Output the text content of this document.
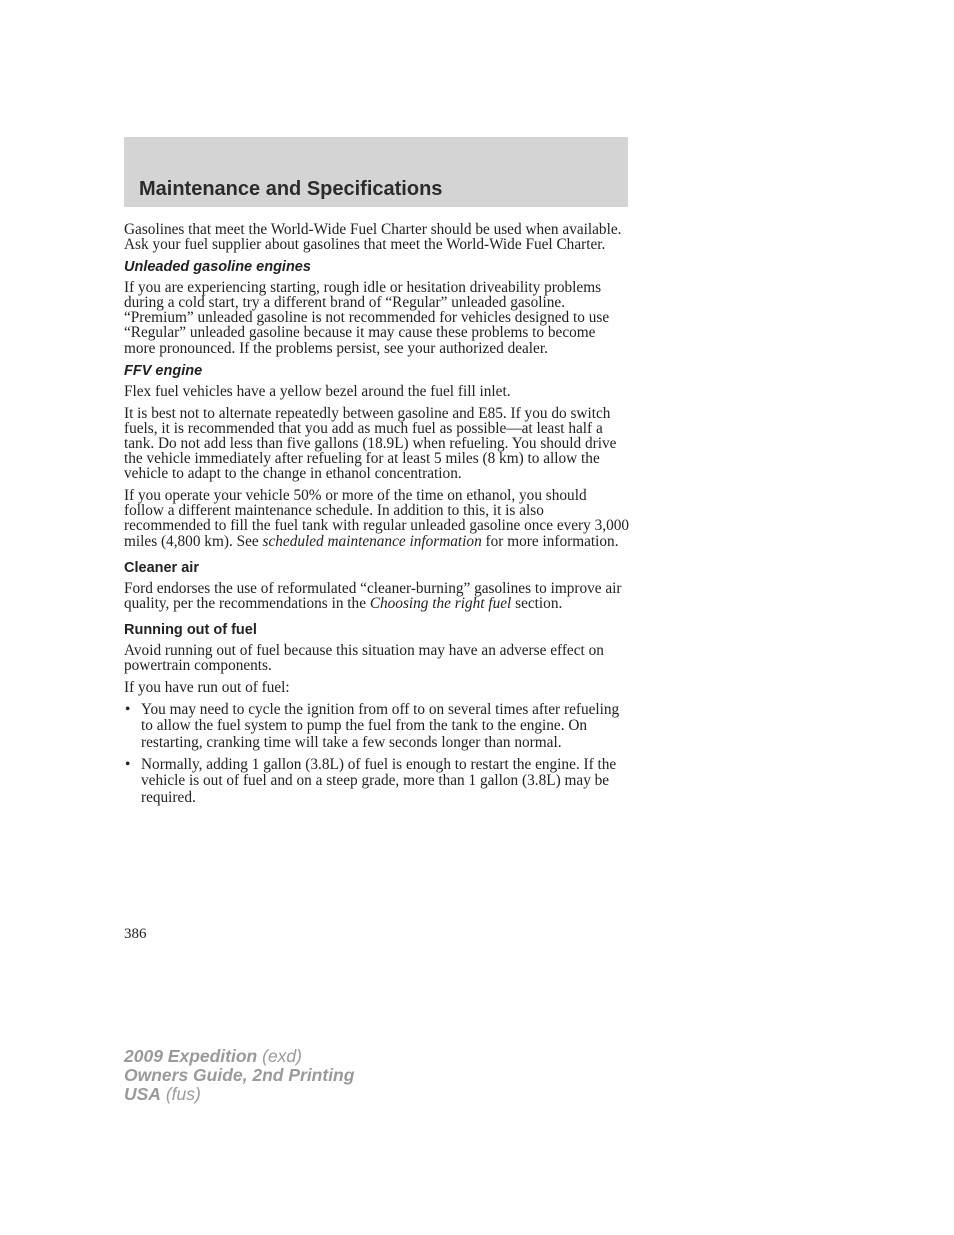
Maintenance and Specifications

Gasolines that meet the World-Wide Fuel Charter should be used when available. Ask your fuel supplier about gasolines that meet the World-Wide Fuel Charter.

Unleaded gasoline engines

If you are experiencing starting, rough idle or hesitation driveability problems during a cold start, try a different brand of “Regular” unleaded gasoline. “Premium” unleaded gasoline is not recommended for vehicles designed to use “Regular” unleaded gasoline because it may cause these problems to become more pronounced. If the problems persist, see your authorized dealer.

FFV engine

Flex fuel vehicles have a yellow bezel around the fuel fill inlet.

It is best not to alternate repeatedly between gasoline and E85. If you do switch fuels, it is recommended that you add as much fuel as possible—at least half a tank. Do not add less than five gallons (18.9L) when refueling. You should drive the vehicle immediately after refueling for at least 5 miles (8 km) to allow the vehicle to adapt to the change in ethanol concentration.

If you operate your vehicle 50% or more of the time on ethanol, you should follow a different maintenance schedule. In addition to this, it is also recommended to fill the fuel tank with regular unleaded gasoline once every 3,000 miles (4,800 km). See scheduled maintenance information for more information.

Cleaner air

Ford endorses the use of reformulated “cleaner-burning” gasolines to improve air quality, per the recommendations in the Choosing the right fuel section.

Running out of fuel

Avoid running out of fuel because this situation may have an adverse effect on powertrain components.

If you have run out of fuel:

• You may need to cycle the ignition from off to on several times after refueling to allow the fuel system to pump the fuel from the tank to the engine. On restarting, cranking time will take a few seconds longer than normal.
• Normally, adding 1 gallon (3.8L) of fuel is enough to restart the engine. If the vehicle is out of fuel and on a steep grade, more than 1 gallon (3.8L) may be required.
386
2009 Expedition (exd)
Owners Guide, 2nd Printing
USA (fus)
